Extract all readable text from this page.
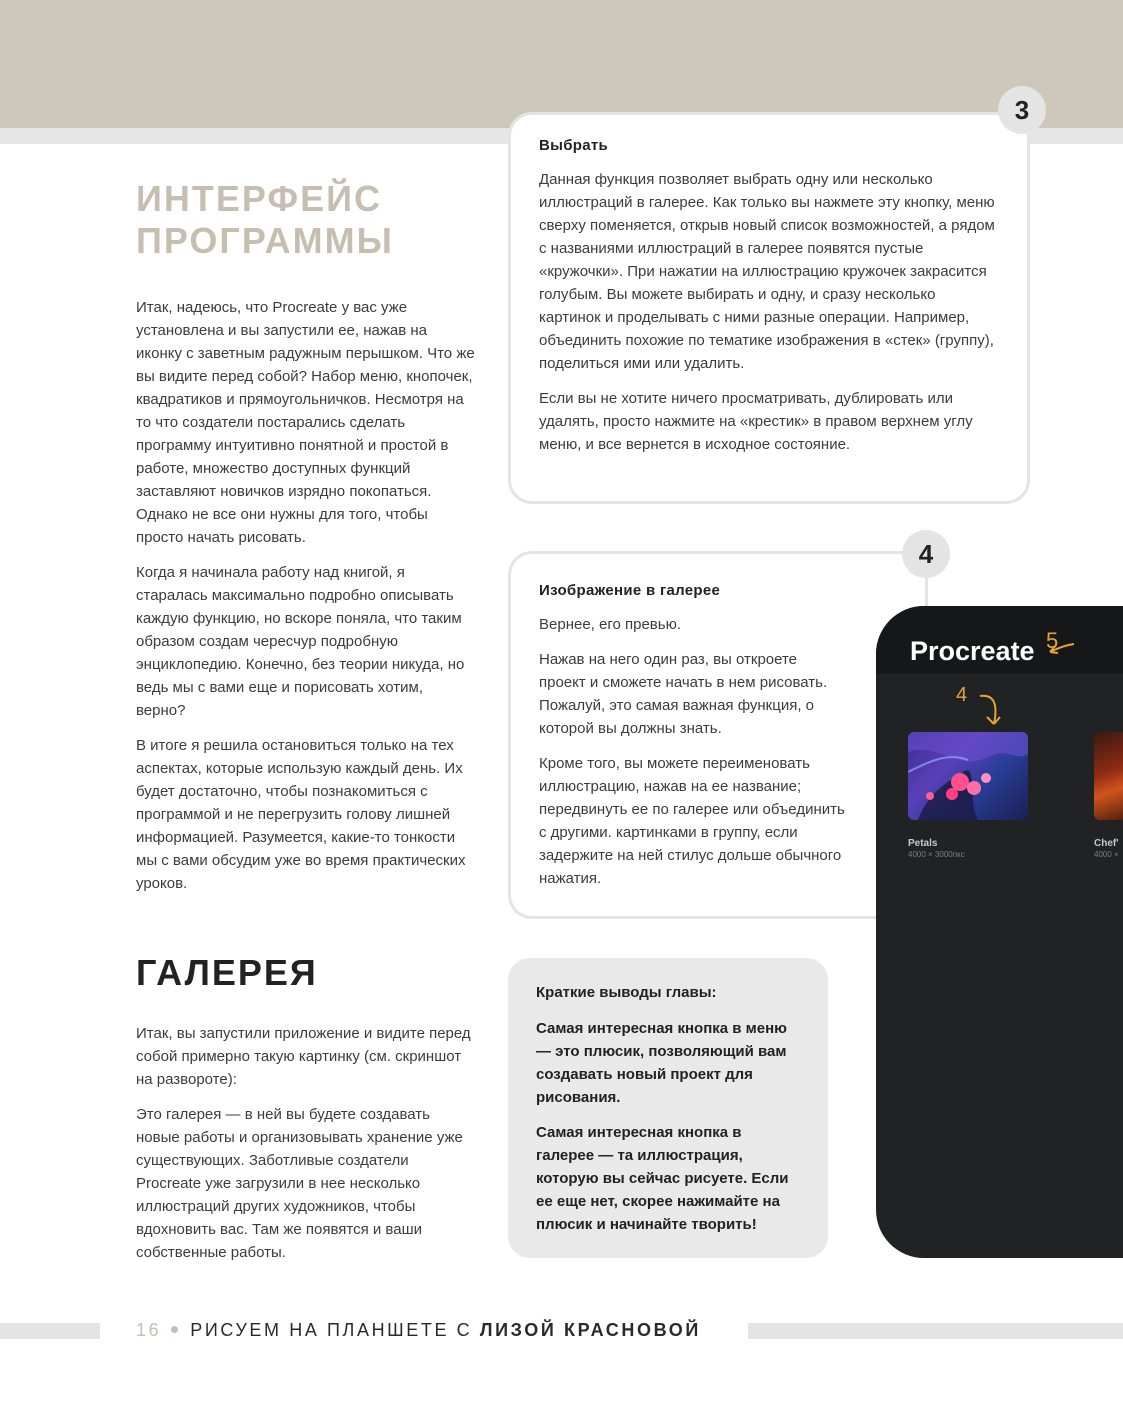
ИНТЕРФЕЙС
ПРОГРАММЫ

Итак, надеюсь, что Procreate у вас уже установлена и вы запустили ее, нажав на иконку с заветным радужным перышком. Что же вы видите перед собой? Набор меню, кнопочек, квадратиков и прямоугольничков. Несмотря на то что создатели постарались сделать программу интуитивно понятной и простой в работе, множество доступных функций заставляют новичков изрядно покопаться. Однако не все они нужны для того, чтобы просто начать рисовать.

Когда я начинала работу над книгой, я старалась максимально подробно описывать каждую функцию, но вскоре поняла, что таким образом создам чересчур подробную энциклопедию. Конечно, без теории никуда, но ведь мы с вами еще и порисовать хотим, верно?

В итоге я решила остановиться только на тех аспектах, которые использую каждый день. Их будет достаточно, чтобы познакомиться с программой и не перегрузить голову лишней информацией. Разумеется, какие-то тонкости мы с вами обсудим уже во время практических уроков.

ГАЛЕРЕЯ

Итак, вы запустили приложение и видите перед собой примерно такую картинку (см. скриншот на развороте):

Это галерея — в ней вы будете создавать новые работы и организовывать хранение уже существующих. Заботливые создатели Procreate уже загрузили в нее несколько иллюстраций других художников, чтобы вдохновить вас. Там же появятся и ваши собственные работы.

Выбрать

Данная функция позволяет выбрать одну или несколько иллюстраций в галерее. Как только вы нажмете эту кнопку, меню сверху поменяется, открыв новый список возможностей, а рядом с названиями иллюстраций в галерее появятся пустые «кружочки». При нажатии на иллюстрацию кружочек закрасится голубым. Вы можете выбирать и одну, и сразу несколько картинок и проделывать с ними разные операции. Например, объединить похожие по тематике изображения в «стек» (группу), поделиться ими или удалить.

Если вы не хотите ничего просматривать, дублировать или удалять, просто нажмите на «крестик» в правом верхнем углу меню, и все вернется в исходное состояние.

3
Изображение в галерее

Вернее, его превью.

Нажав на него один раз, вы откроете проект и сможете начать в нем рисовать. Пожалуй, это самая важная функция, о которой вы должны знать.

Кроме того, вы можете переименовать иллюстрацию, нажав на ее название; передвинуть ее по галерее или объединить с другими. картинками в группу, если задержите на ней стилус дольше обычного нажатия.

4
Краткие выводы главы:

Самая интересная кнопка в меню — это плюсик, позволяющий вам создавать новый проект для рисования.

Самая интересная кнопка в галерее — та иллюстрация, которую вы сейчас рисуете. Если ее еще нет, скорее нажимайте на плюсик и начинайте творить!

Procreate 5
4
Petals
4000 × 3000пкс
Chef'
4000 ×
16 РИСУЕМ НА ПЛАНШЕТЕ С ЛИЗОЙ КРАСНОВОЙ
